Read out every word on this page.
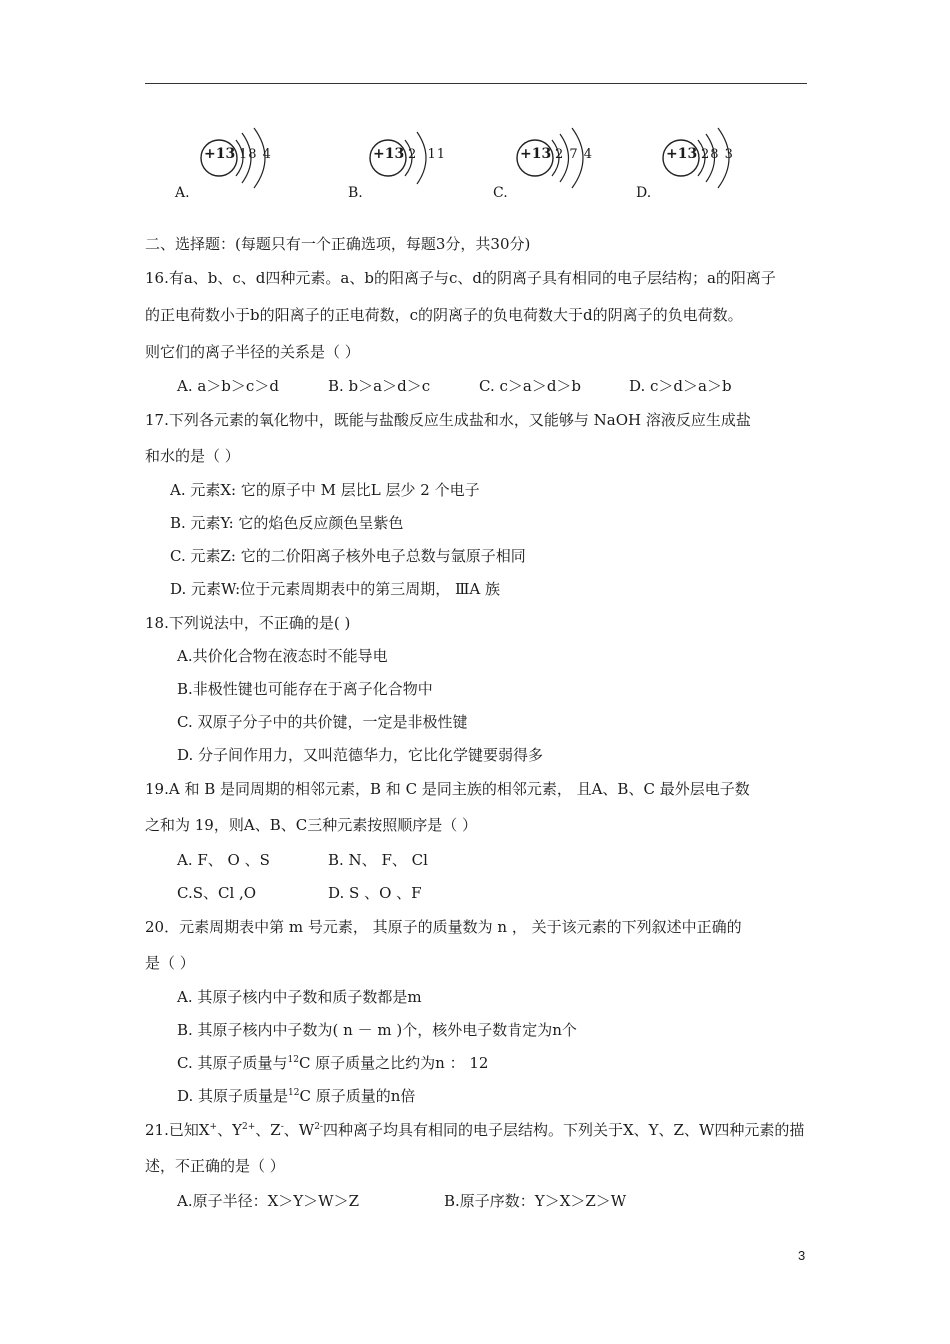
A.
+13 18 4
B.
+13 2  11
C.
+13 2 7 4
D.
+13 28 3
二、选择题：(每题只有一个正确选项，每题3分，共30分)
16.有a、b、c、d四种元素。a、b的阳离子与c、d的阴离子具有相同的电子层结构；a的阳离子
的正电荷数小于b的阳离子的正电荷数，c的阴离子的负电荷数大于d的阴离子的负电荷数。
则它们的离子半径的关系是（ ）
A. a＞b＞c＞d	B. b＞a＞d＞c	C. c＞a＞d＞b	D. c＞d＞a＞b
17.下列各元素的氧化物中，既能与盐酸反应生成盐和水，又能够与 NaOH 溶液反应生成盐
和水的是（ ）
A. 元素X: 它的原子中 M 层比L 层少 2 个电子
B. 元素Y: 它的焰色反应颜色呈紫色
C. 元素Z: 它的二价阳离子核外电子总数与氩原子相同
D. 元素W:位于元素周期表中的第三周期， ⅢA 族
18.下列说法中，不正确的是( )
A.共价化合物在液态时不能导电
B.非极性键也可能存在于离子化合物中
C. 双原子分子中的共价键，一定是非极性键
D. 分子间作用力，又叫范德华力，它比化学键要弱得多
19.A 和 B 是同周期的相邻元素，B 和 C 是同主族的相邻元素， 且A、B、C 最外层电子数
之和为 19，则A、B、C三种元素按照顺序是（ ）
A. F、 O 、S	B. N、 F、 Cl
C.S、Cl ,O	D. S 、O 、F
20．元素周期表中第 m 号元素， 其原子的质量数为 n ， 关于该元素的下列叙述中正确的
是（ ）
A. 其原子核内中子数和质子数都是m
B. 其原子核内中子数为( n － m )个，核外电子数肯定为n个
C. 其原子质量与$^{12}$C 原子质量之比约为n ： 12
D. 其原子质量是$^{12}$C 原子质量的n倍
21.已知X+、$Y^{2+}$、Z-、$W^{2-}$四种离子均具有相同的电子层结构。下列关于X、Y、Z、W四种元素的描
述，不正确的是（ ）
A.原子半径：X＞Y＞W＞Z	B.原子序数：Y＞X＞Z＞W
3
